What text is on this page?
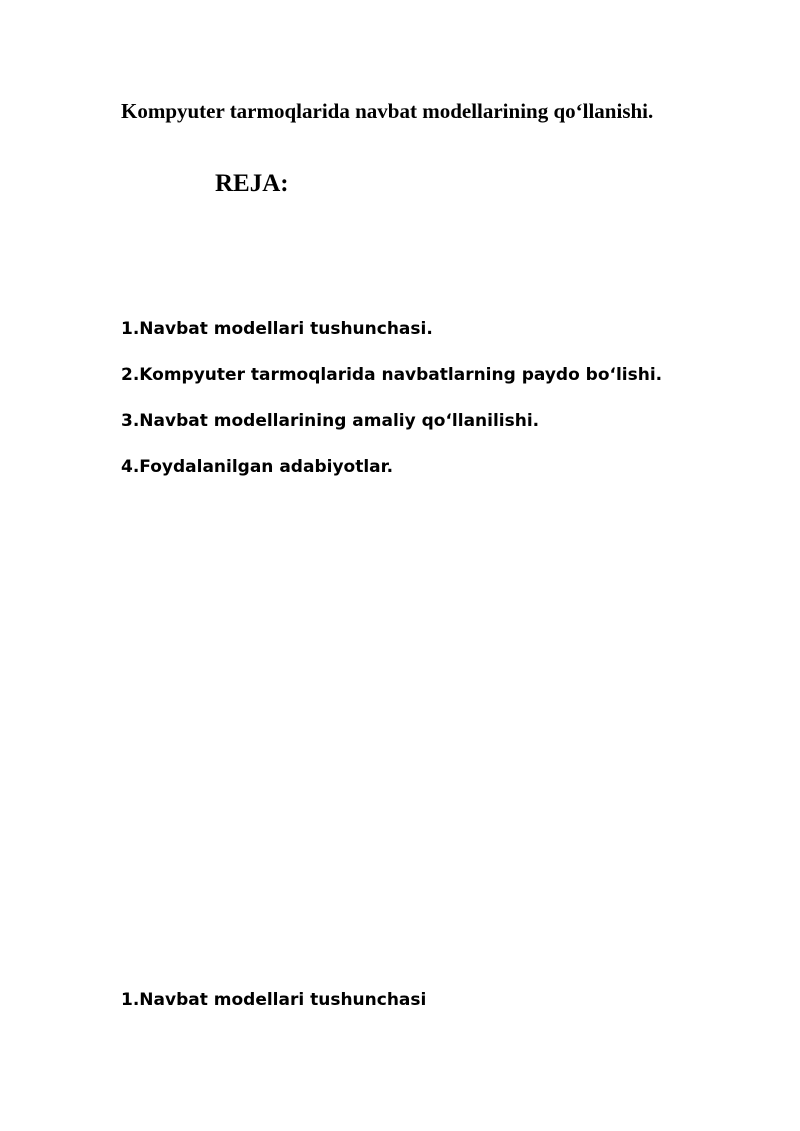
Kompyuter tarmoqlarida navbat modellarining qo‘llanishi.
REJA:
1.Navbat modellari tushunchasi.
2.Kompyuter tarmoqlarida navbatlarning paydo bo‘lishi.
3.Navbat modellarining amaliy qo‘llanilishi.
4.Foydalanilgan adabiyotlar.
1.Navbat modellari tushunchasi
